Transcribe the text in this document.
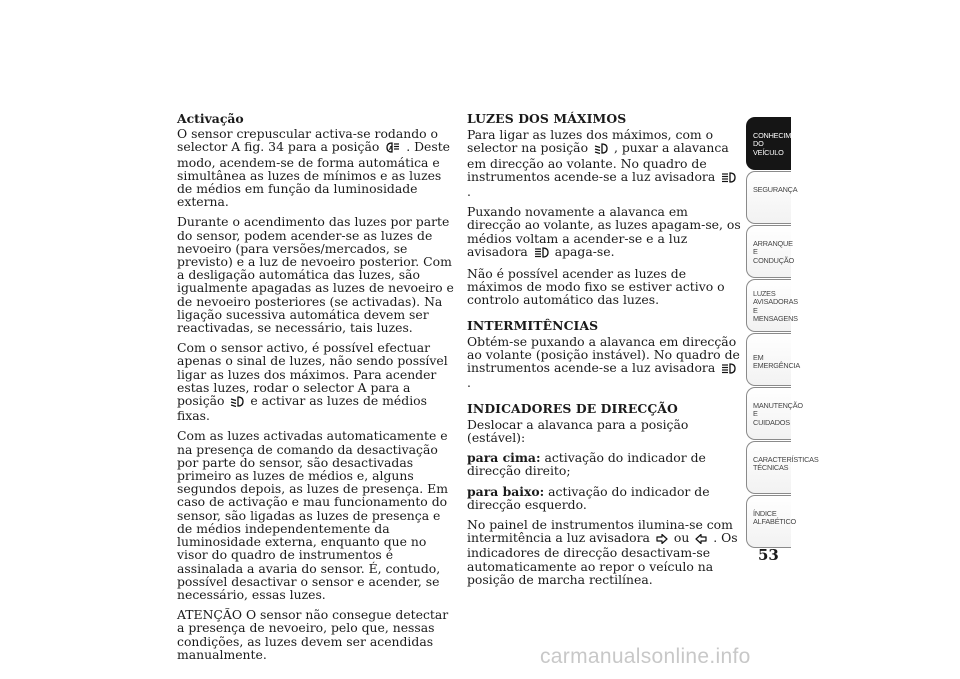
Activação

O sensor crepuscular activa-se rodando o selector A fig. 34 para a posição A . Deste modo, acendem-se de forma automática e simultânea as luzes de mínimos e as luzes de médios em função da luminosidade externa.

Durante o acendimento das luzes por parte do sensor, podem acender-se as luzes de nevoeiro (para versões/mercados, se previsto) e a luz de nevoeiro posterior. Com a desligação automática das luzes, são igualmente apagadas as luzes de nevoeiro e de nevoeiro posteriores (se activadas). Na ligação sucessiva automática devem ser reactivadas, se necessário, tais luzes.

Com o sensor activo, é possível efectuar apenas o sinal de luzes, não sendo possível ligar as luzes dos máximos. Para acender estas luzes, rodar o selector A para a posição e activar as luzes de médios fixas.

Com as luzes activadas automaticamente e na presença de comando da desactivação por parte do sensor, são desactivadas primeiro as luzes de médios e, alguns segundos depois, as luzes de presença. Em caso de activação e mau funcionamento do sensor, são ligadas as luzes de presença e de médios independentemente da luminosidade externa, enquanto que no visor do quadro de instrumentos é assinalada a avaria do sensor. É, contudo, possível desactivar o sensor e acender, se necessário, essas luzes.

ATENÇÃO O sensor não consegue detectar a presença de nevoeiro, pelo que, nessas condições, as luzes devem ser acendidas manualmente.

LUZES DOS MÁXIMOS

Para ligar as luzes dos máximos, com o selector na posição , puxar a alavanca em direcção ao volante. No quadro de instrumentos acende-se a luz avisadora  .

Puxando novamente a alavanca em direcção ao volante, as luzes apagam-se, os médios voltam a acender-se e a luz avisadora apaga-se.

Não é possível acender as luzes de máximos de modo fixo se estiver activo o controlo automático das luzes.

INTERMITÊNCIAS

Obtém-se puxando a alavanca em direcção ao volante (posição instável). No quadro de instrumentos acende-se a luz avisadora  .

INDICADORES DE DIRECÇÃO

Deslocar a alavanca para a posição (estável):

para cima: activação do indicador de direcção direito;

para baixo: activação do indicador de direcção esquerdo.

No painel de instrumentos ilumina-se com intermitência a luz avisadora ou . Os indicadores de direcção desactivam-se automaticamente ao repor o veículo na posição de marcha rectilínea.

CONHECIMENTO
DO VEÍCULO
SEGURANÇA
ARRANQUE E
CONDUÇÃO
LUZES
AVISADORAS E
MENSAGENS
EM EMERGÊNCIA
MANUTENÇÃO E
CUIDADOS
CARACTERÍSTICAS
TÉCNICAS
ÍNDICE
ALFABÉTICO
53
carmanualsonline.info
